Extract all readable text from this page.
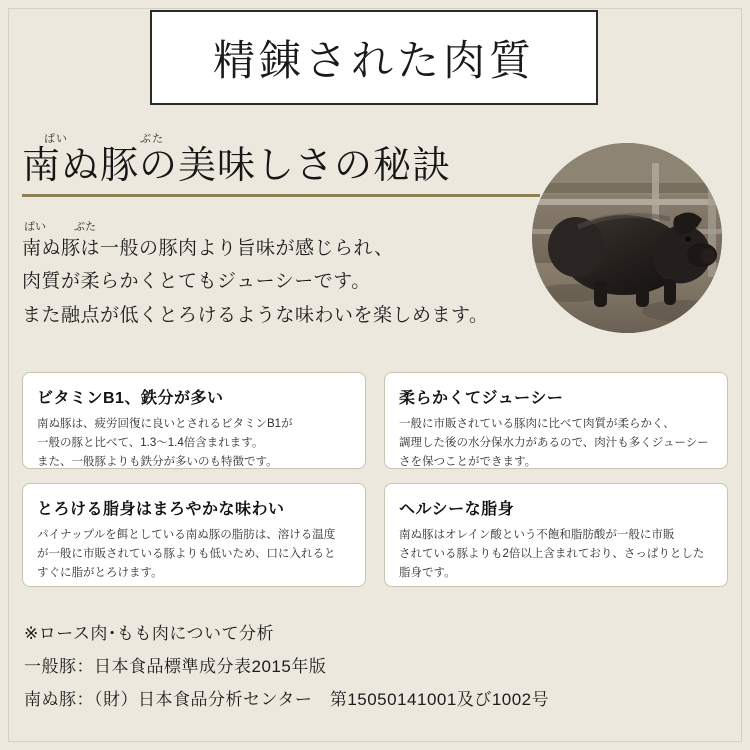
精錬された肉質
ぱい	ぶた
南ぬ豚の美味しさの秘訣
ぱい	ぶた
南ぬ豚は一般の豚肉より旨味が感じられ、
肉質が柔らかくとてもジューシーです。
また融点が低くとろけるような味わいを楽しめます。
ビタミンB1、鉄分が多い
南ぬ豚は、疲労回復に良いとされるビタミンB1が
一般の豚と比べて、1.3～1.4倍含まれます。
また、一般豚よりも鉄分が多いのも特徴です。
柔らかくてジューシー
一般に市販されている豚肉に比べて肉質が柔らかく、
調理した後の水分保水力があるので、肉汁も多くジューシー
さを保つことができます。
とろける脂身はまろやかな味わい
パイナップルを餌としている南ぬ豚の脂肪は、溶ける温度
が一般に市販されている豚よりも低いため、口に入れると
すぐに脂がとろけます。
ヘルシーな脂身
南ぬ豚はオレイン酸という不飽和脂肪酸が一般に市販
されている豚よりも2倍以上含まれており、さっぱりとした
脂身です。
※ロース肉･もも肉について分析
一般豚：日本食品標準成分表2015年版
南ぬ豚：（財）日本食品分析センター　第15050141001及び1002号
